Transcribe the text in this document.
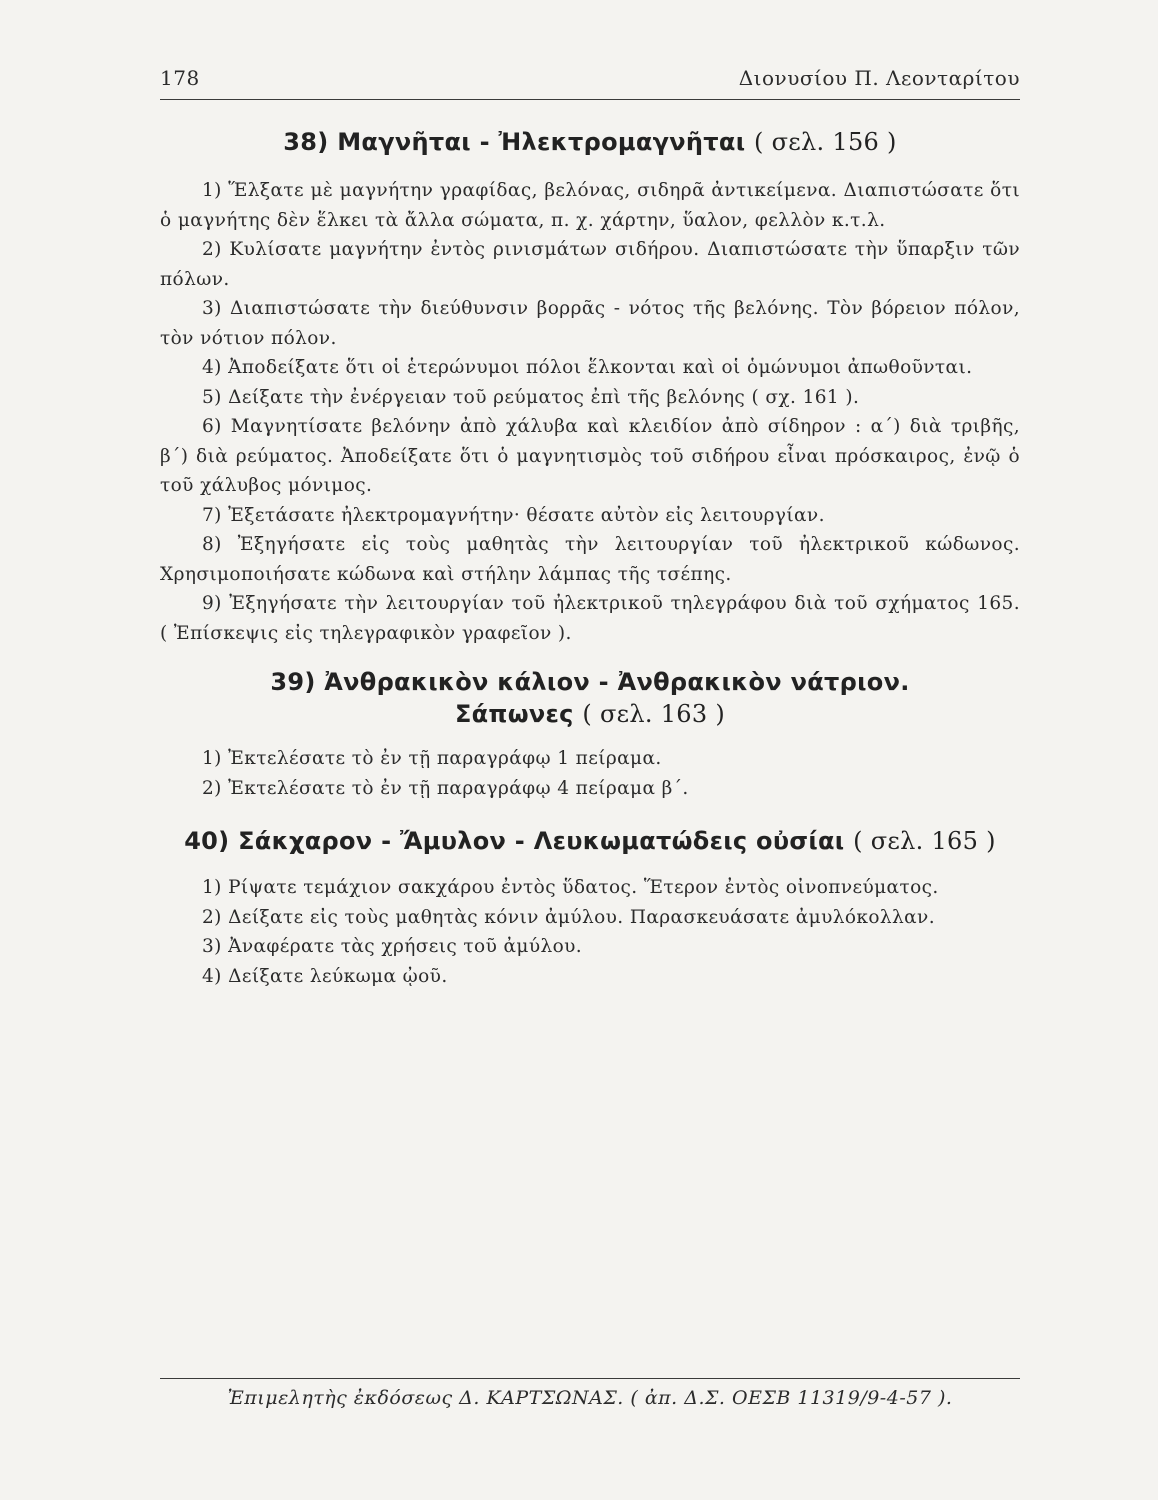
178	Διονυσίου Π. Λεονταρίτου
38) Μαγνῆται - Ἠλεκτρομαγνῆται ( σελ. 156 )

1) Ἕλξατε μὲ μαγνήτην γραφίδας, βελόνας, σιδηρᾶ ἀντικείμενα. Διαπιστώσατε ὅτι ὁ μαγνήτης δὲν ἕλκει τὰ ἄλλα σώματα, π. χ. χάρτην, ὕαλον, φελλὸν κ.τ.λ.

2) Κυλίσατε μαγνήτην ἐντὸς ρινισμάτων σιδήρου. Διαπιστώσατε τὴν ὕπαρξιν τῶν πόλων.

3) Διαπιστώσατε τὴν διεύθυνσιν βορρᾶς - νότος τῆς βελόνης. Τὸν βόρειον πόλον, τὸν νότιον πόλον.

4) Ἀποδείξατε ὅτι οἱ ἑτερώνυμοι πόλοι ἕλκονται καὶ οἱ ὁμώνυμοι ἀπωθοῦνται.

5) Δείξατε τὴν ἐνέργειαν τοῦ ρεύματος ἐπὶ τῆς βελόνης ( σχ. 161 ).

6) Μαγνητίσατε βελόνην ἀπὸ χάλυβα καὶ κλειδίον ἀπὸ σίδηρον : α΄) διὰ τριβῆς, β΄) διὰ ρεύματος. Ἀποδείξατε ὅτι ὁ μαγνητισμὸς τοῦ σιδήρου εἶναι πρόσκαιρος, ἐνῷ ὁ τοῦ χάλυβος μόνιμος.

7) Ἐξετάσατε ἠλεκτρομαγνήτην· θέσατε αὐτὸν εἰς λειτουργίαν.

8) Ἐξηγήσατε εἰς τοὺς μαθητὰς τὴν λειτουργίαν τοῦ ἠλεκτρικοῦ κώδωνος. Χρησιμοποιήσατε κώδωνα καὶ στήλην λάμπας τῆς τσέπης.

9) Ἐξηγήσατε τὴν λειτουργίαν τοῦ ἠλεκτρικοῦ τηλεγράφου διὰ τοῦ σχήματος 165. ( Ἐπίσκεψις εἰς τηλεγραφικὸν γραφεῖον ).

39) Ἀνθρακικὸν κάλιον - Ἀνθρακικὸν νάτριον.
Σάπωνες ( σελ. 163 )

1) Ἐκτελέσατε τὸ ἐν τῇ παραγράφῳ 1 πείραμα.

2) Ἐκτελέσατε τὸ ἐν τῇ παραγράφῳ 4 πείραμα β΄.

40) Σάκχαρον - Ἄμυλον - Λευκωματώδεις οὐσίαι ( σελ. 165 )

1) Ρίψατε τεμάχιον σακχάρου ἐντὸς ὕδατος. Ἕτερον ἐντὸς οἰνοπνεύματος.

2) Δείξατε εἰς τοὺς μαθητὰς κόνιν ἀμύλου. Παρασκευάσατε ἀμυλόκολλαν.

3) Ἀναφέρατε τὰς χρήσεις τοῦ ἀμύλου.

4) Δείξατε λεύκωμα ᾠοῦ.

Ἐπιμελητὴς ἐκδόσεως Δ. ΚΑΡΤΣΩΝΑΣ. ( ἀπ. Δ.Σ. ΟΕΣΒ 11319/9-4-57 ).
